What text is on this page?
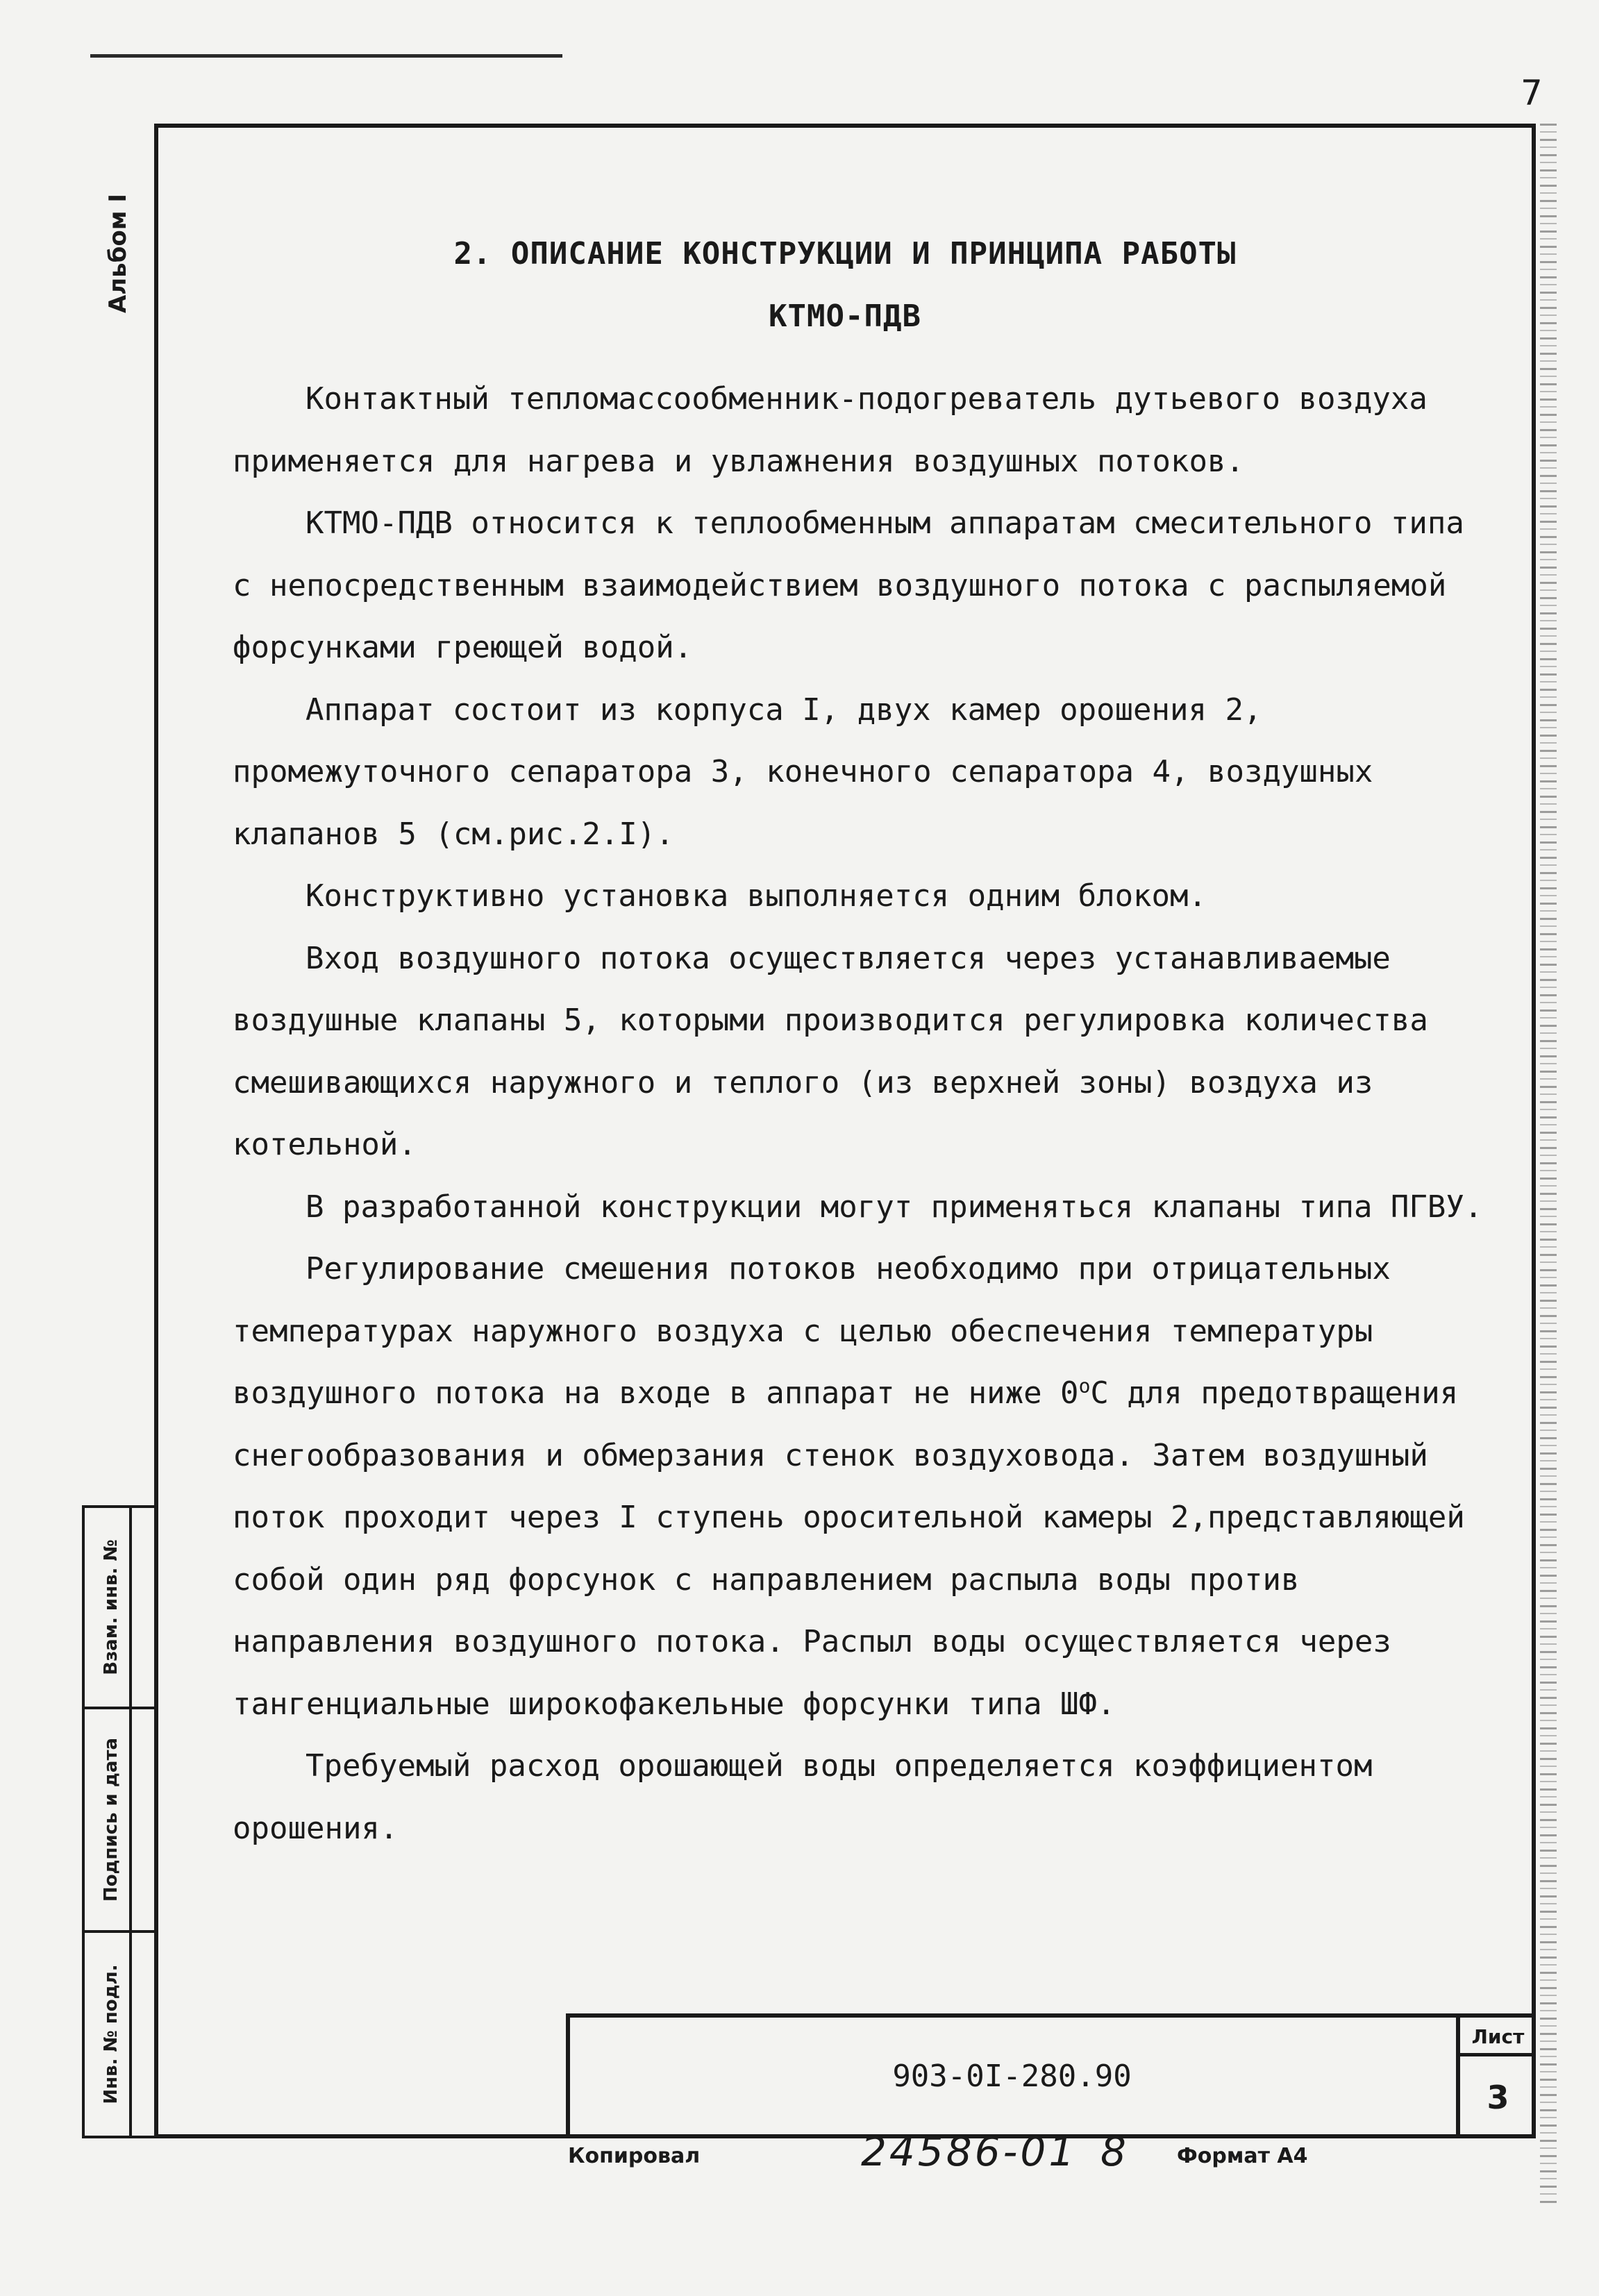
7
Альбом I
Взам. инв. №
Подпись и дата
Инв. № подл.
2. ОПИСАНИЕ КОНСТРУКЦИИ И ПРИНЦИПА РАБОТЫ
КТМО-ПДВ

Контактный тепломассообменник-подогреватель дутьевого воздуха применяется для нагрева и увлажнения воздушных потоков.

КТМО-ПДВ относится к теплообменным аппаратам смесительного типа с непосредственным взаимодействием воздушного потока с распыляемой форсунками греющей водой.

Аппарат состоит из корпуса I, двух камер орошения 2, промежуточного сепаратора 3, конечного сепаратора 4, воздушных клапанов 5 (см.рис.2.I).

Конструктивно установка выполняется одним блоком.

Вход воздушного потока осуществляется через устанавливаемые воздушные клапаны 5, которыми производится регулировка количества смешивающихся наружного и теплого (из верхней зоны) воздуха из котельной.

В разработанной конструкции могут применяться клапаны типа ПГВУ.

Регулирование смешения потоков необходимо при отрицательных температурах наружного воздуха с целью обеспечения температуры воздушного потока на входе в аппарат не ниже $0^оС$ для предотвращения снегообразования и обмерзания стенок воздуховода. Затем воздушный поток проходит через I ступень оросительной камеры 2,представляющей собой один ряд форсунок с направлением распыла воды против направления воздушного потока. Распыл воды осуществляется через тангенциальные широкофакельные форсунки типа ШФ.

Требуемый расход орошающей воды определяется коэффициентом орошения.

903-0I-280.90
Лист
3
Копировал	24586-01 8 Формат А4
